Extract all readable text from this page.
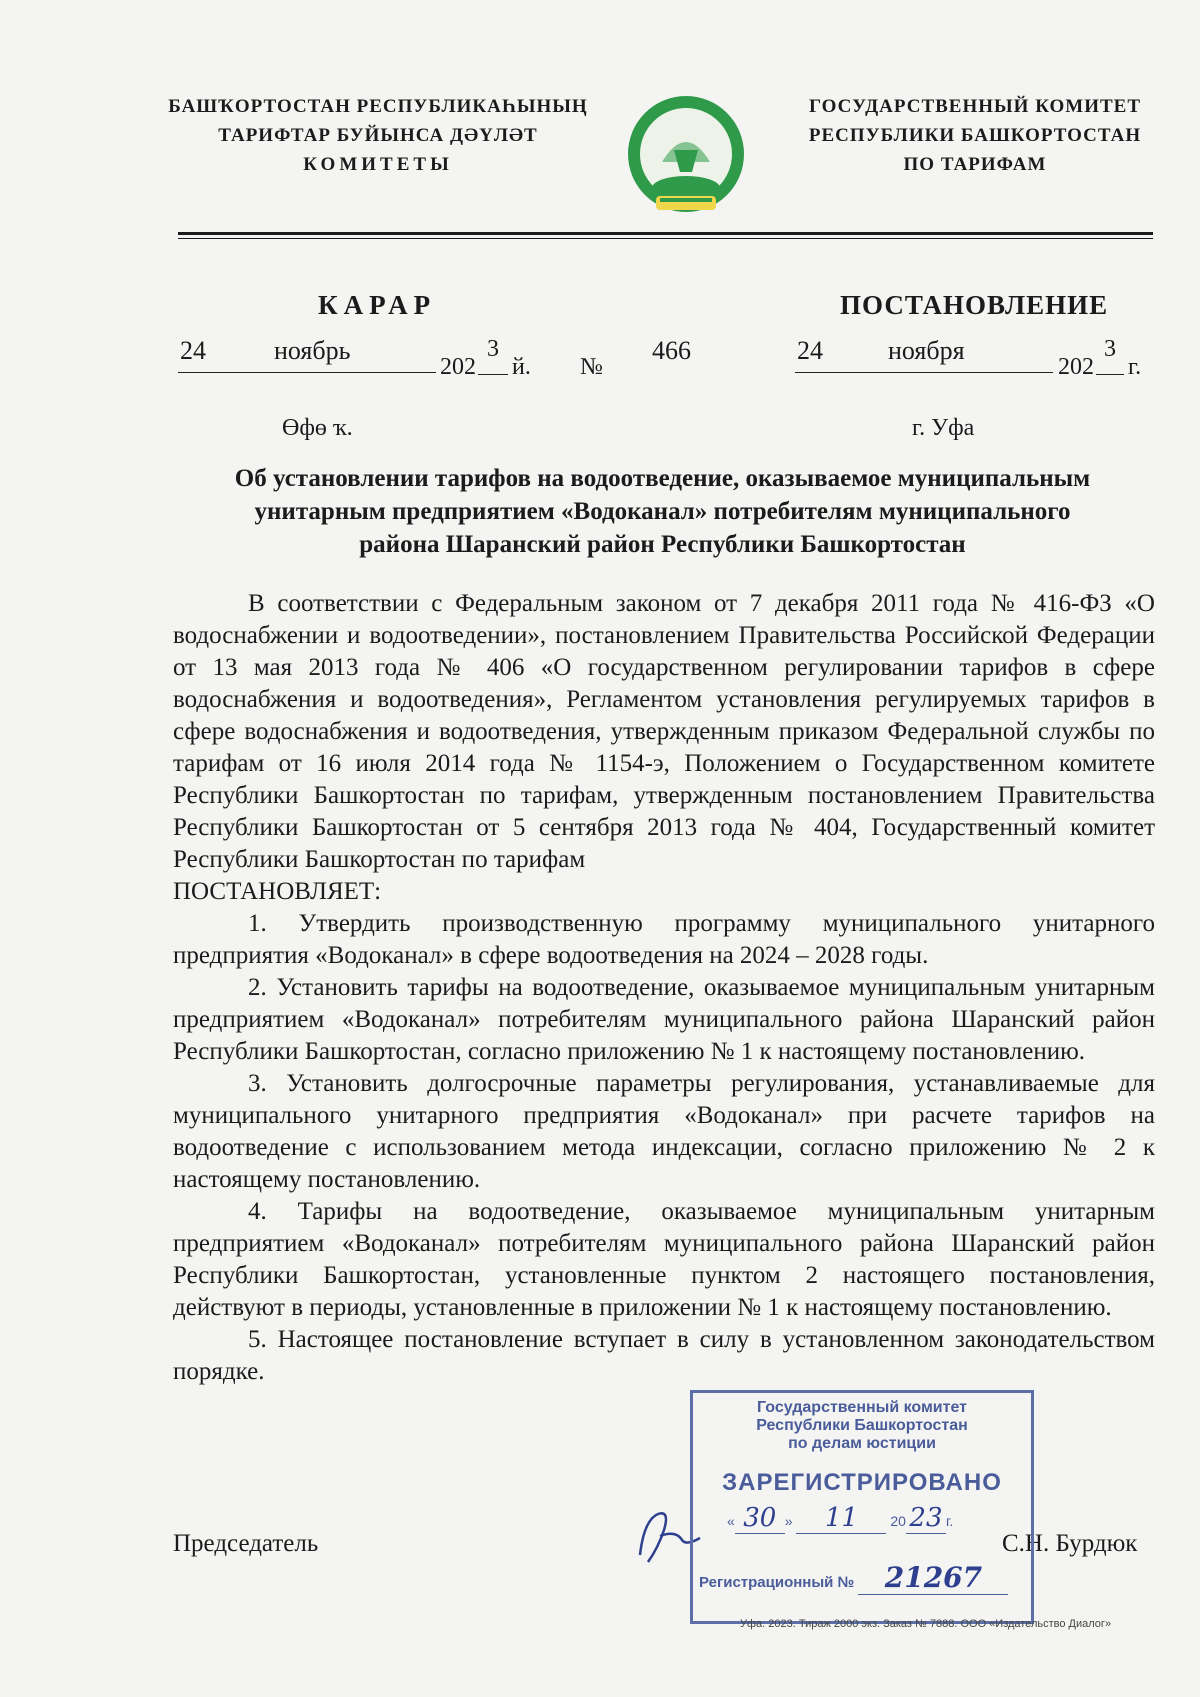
БАШҠОРТОСТАН РЕСПУБЛИКАҺЫНЫҢ
ТАРИФТАР БУЙЫНСА ДӘҮЛӘТ
КОМИТЕТЫ
ГОСУДАРСТВЕННЫЙ КОМИТЕТ
РЕСПУБЛИКИ БАШКОРТОСТАН
ПО ТАРИФАМ
КАРАР	ПОСТАНОВЛЕНИЕ
24	ноябрь
202
3
й. №
466	24	ноября
202
3
г.
Өфө ҡ.	г. Уфа
Об установлении тарифов на водоотведение, оказываемое муниципальным
унитарным предприятием «Водоканал» потребителям муниципального
района Шаранский район Республики Башкортостан

В соответствии с Федеральным законом от 7 декабря 2011 года № 416-ФЗ «О водоснабжении и водоотведении», постановлением Правительства Российской Федерации от 13 мая 2013 года № 406 «О государственном регулировании тарифов в сфере водоснабжения и водоотведения», Регламентом установления регулируемых тарифов в сфере водоснабжения и водоотведения, утвержденным приказом Федеральной службы по тарифам от 16 июля 2014 года № 1154-э, Положением о Государственном комитете Республики Башкортостан по тарифам, утвержденным постановлением Правительства Республики Башкортостан от 5 сентября 2013 года № 404, Государственный комитет Республики Башкортостан по тарифам

ПОСТАНОВЛЯЕТ:

1. Утвердить производственную программу муниципального унитарного предприятия «Водоканал» в сфере водоотведения на 2024 – 2028 годы.

2. Установить тарифы на водоотведение, оказываемое муниципальным унитарным предприятием «Водоканал» потребителям муниципального района Шаранский район Республики Башкортостан, согласно приложению № 1 к настоящему постановлению.

3. Установить долгосрочные параметры регулирования, устанавливаемые для муниципального унитарного предприятия «Водоканал» при расчете тарифов на водоотведение с использованием метода индексации, согласно приложению № 2 к настоящему постановлению.

4. Тарифы на водоотведение, оказываемое муниципальным унитарным предприятием «Водоканал» потребителям муниципального района Шаранский район Республики Башкортостан, установленные пунктом 2 настоящего постановления, действуют в периоды, установленные в приложении № 1 к настоящему постановлению.

5. Настоящее постановление вступает в силу в установленном законодательством порядке.

Председатель	С.Н. Бурдюк
Государственный комитет
Республики Башкортостан
по делам юстиции
ЗАРЕГИСТРИРОВАНО
« 30 » 11 20 23 г.
Регистрационный № 21267
Уфа. 2023. Тираж 2000 экз. Заказ № 7888. ООО «Издательство Диалог»
